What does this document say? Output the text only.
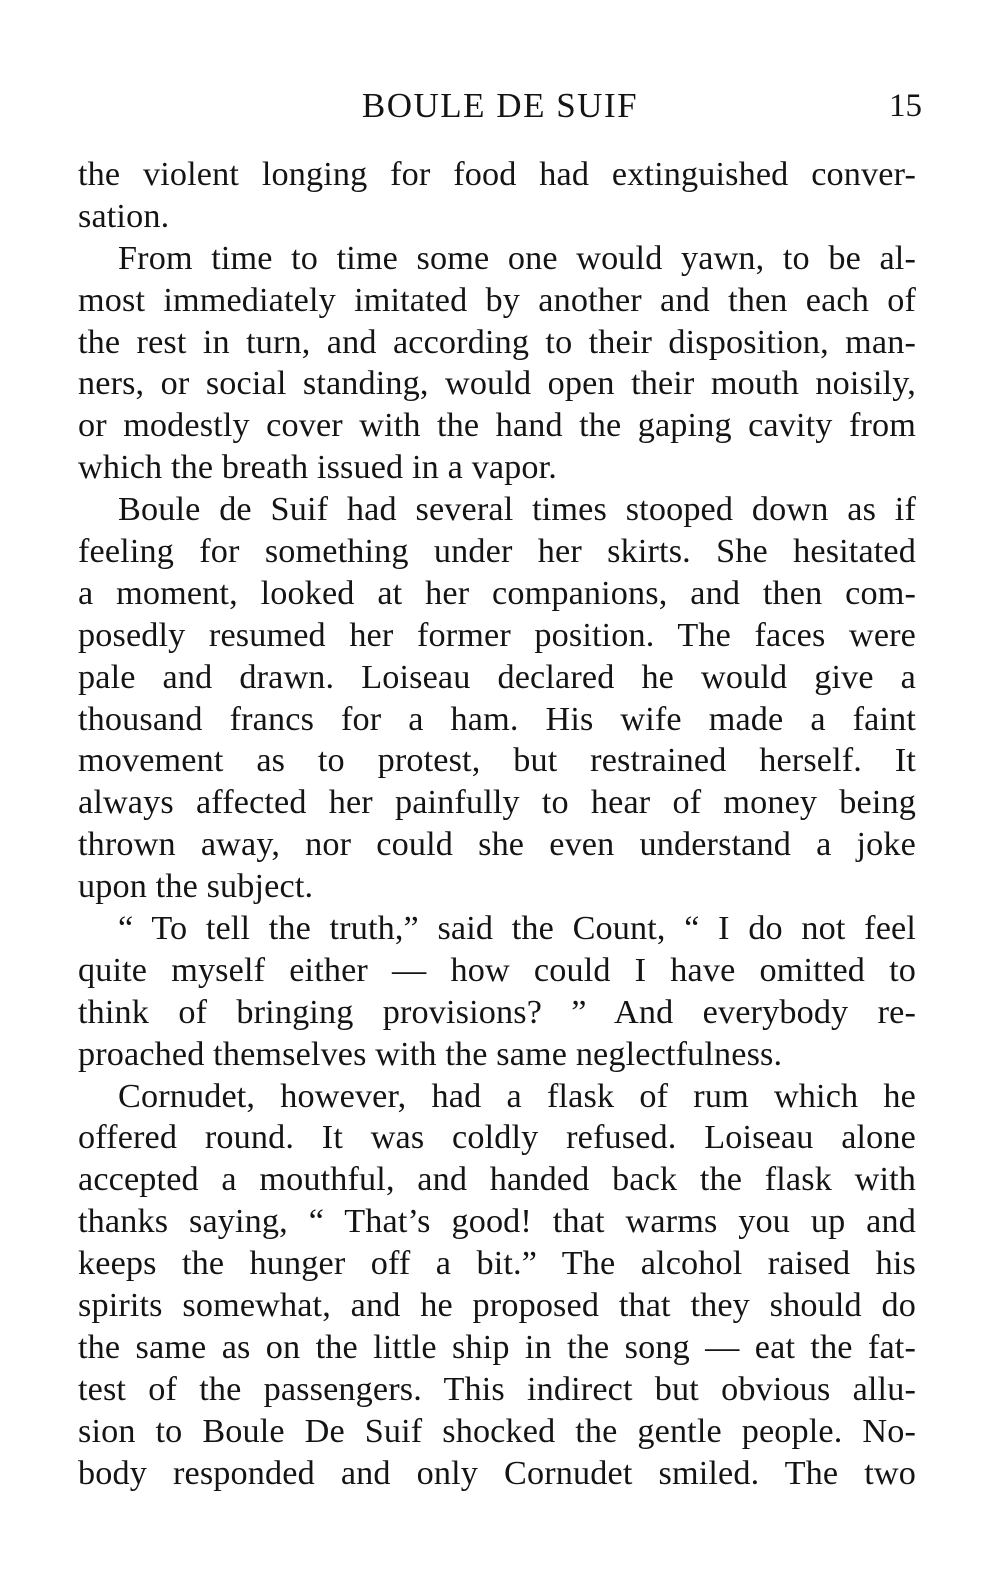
BOULE DE SUIF	15
the violent longing for food had extinguished conver-
sation.
From time to time some one would yawn, to be al-
most immediately imitated by another and then each of
the rest in turn, and according to their disposition, man-
ners, or social standing, would open their mouth noisily,
or modestly cover with the hand the gaping cavity from
which the breath issued in a vapor.
Boule de Suif had several times stooped down as if
feeling for something under her skirts. She hesitated
a moment, looked at her companions, and then com-
posedly resumed her former position. The faces were
pale and drawn. Loiseau declared he would give a
thousand francs for a ham. His wife made a faint
movement as to protest, but restrained herself. It
always affected her painfully to hear of money being
thrown away, nor could she even understand a joke
upon the subject.
“ To tell the truth,” said the Count, “ I do not feel
quite myself either — how could I have omitted to
think of bringing provisions? ” And everybody re-
proached themselves with the same neglectfulness.
Cornudet, however, had a flask of rum which he
offered round. It was coldly refused. Loiseau alone
accepted a mouthful, and handed back the flask with
thanks saying, “ That’s good! that warms you up and
keeps the hunger off a bit.” The alcohol raised his
spirits somewhat, and he proposed that they should do
the same as on the little ship in the song — eat the fat-
test of the passengers. This indirect but obvious allu-
sion to Boule De Suif shocked the gentle people. No-
body responded and only Cornudet smiled. The two
